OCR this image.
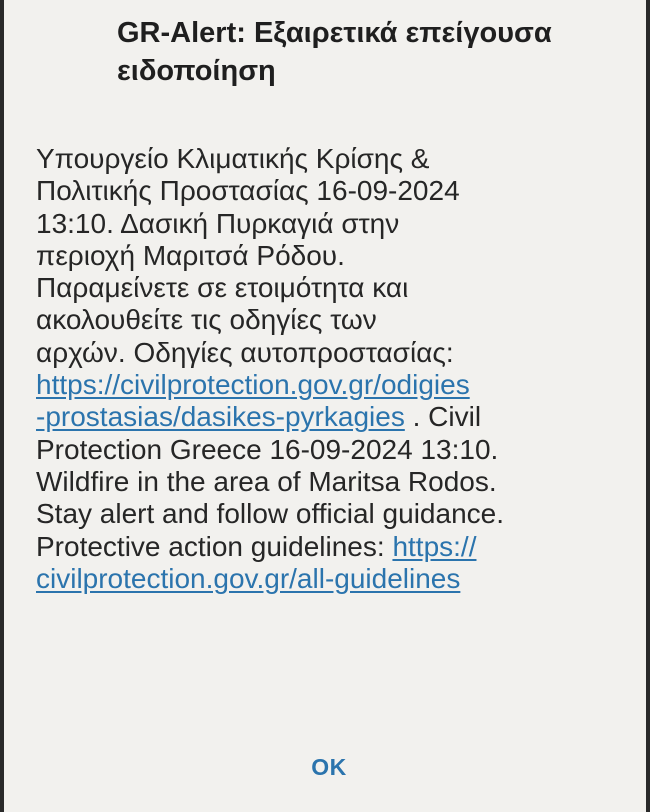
GR-Alert: Εξαιρετικά επείγουσα
ειδοποίηση
Υπουργείο Κλιματικής Κρίσης &
Πολιτικής Προστασίας 16-09-2024
13:10. Δασική Πυρκαγιά στην
περιοχή Μαριτσά Ρόδου.
Παραμείνετε σε ετοιμότητα και
ακολουθείτε τις οδηγίες των
αρχών. Οδηγίες αυτοπροστασίας:
https://civilprotection.gov.gr/odigies
-prostasias/dasikes-pyrkagies . Civil
Protection Greece 16-09-2024 13:10.
Wildfire in the area of Maritsa Rodos.
Stay alert and follow official guidance.
Protective action guidelines: https://
civilprotection.gov.gr/all-guidelines
OK
